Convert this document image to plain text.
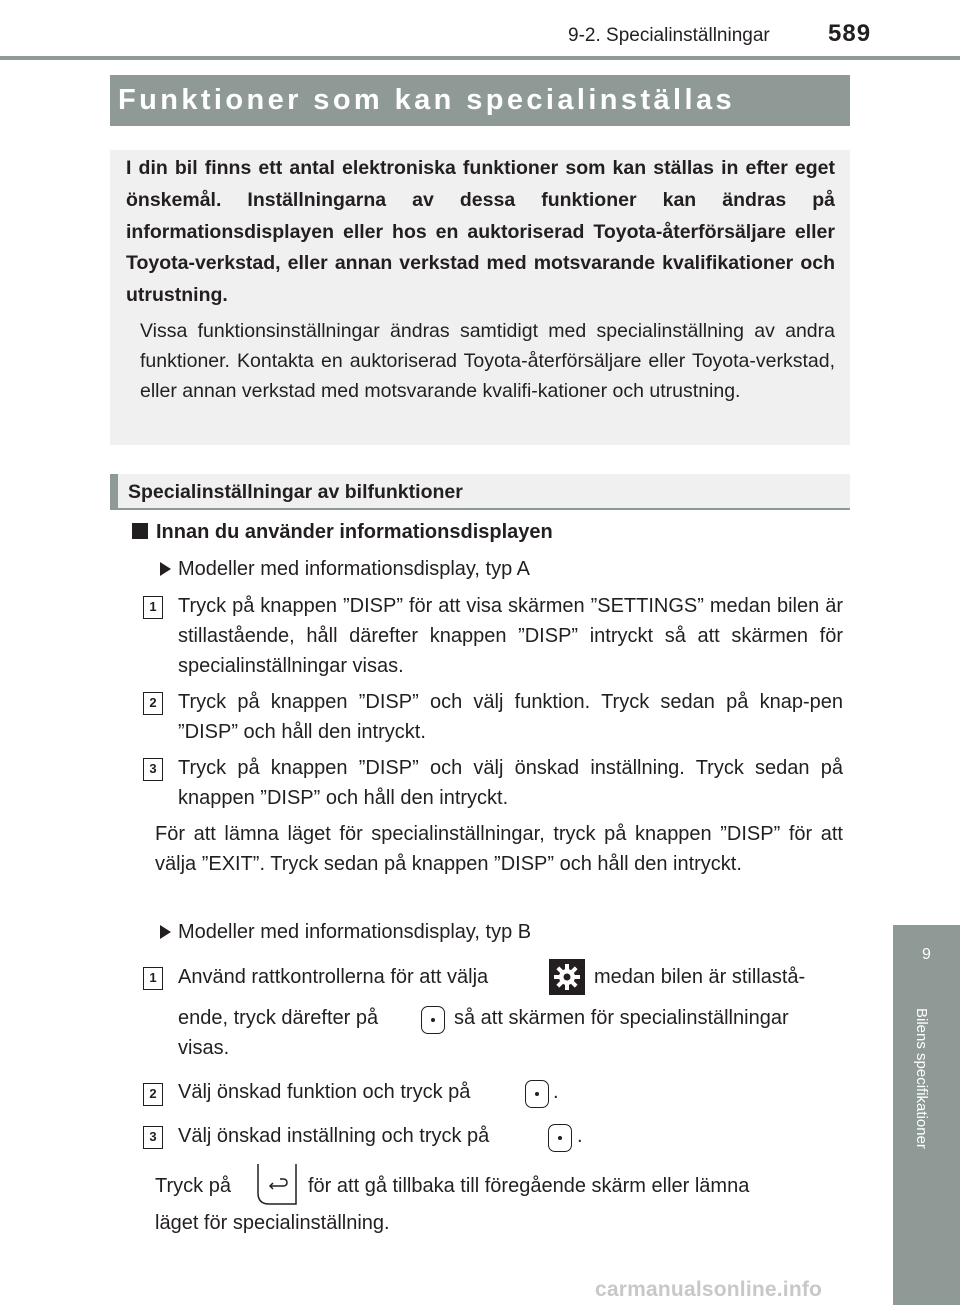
9-2. Specialinställningar 589
Funktioner som kan specialinställas
I din bil finns ett antal elektroniska funktioner som kan ställas in efter eget önskemål. Inställningarna av dessa funktioner kan ändras på informationsdisplayen eller hos en auktoriserad Toyota-återförsäljare eller Toyota-verkstad, eller annan verkstad med motsvarande kvalifikationer och utrustning.
Vissa funktionsinställningar ändras samtidigt med specialinställning av andra funktioner. Kontakta en auktoriserad Toyota-återförsäljare eller Toyota-verkstad, eller annan verkstad med motsvarande kvalifi-kationer och utrustning.
Specialinställningar av bilfunktioner
Innan du använder informationsdisplayen
Modeller med informationsdisplay, typ A
1	Tryck på knappen ”DISP” för att visa skärmen ”SETTINGS” medan bilen är stillastående, håll därefter knappen ”DISP” intryckt så att skärmen för specialinställningar visas.
2	Tryck på knappen ”DISP” och välj funktion. Tryck sedan på knap-pen ”DISP” och håll den intryckt.
3	Tryck på knappen ”DISP” och välj önskad inställning. Tryck sedan på knappen ”DISP” och håll den intryckt.
För att lämna läget för specialinställningar, tryck på knappen ”DISP” för att välja ”EXIT”. Tryck sedan på knappen ”DISP” och håll den intryckt.
Modeller med informationsdisplay, typ B
1	Använd rattkontrollerna för att välja	medan bilen är stillastå-
ende, tryck därefter på	så att skärmen för specialinställningar
visas.
2	Välj önskad funktion och tryck på	.
3	Välj önskad inställning och tryck på	.
Tryck på	för att gå tillbaka till föregående skärm eller lämna
läget för specialinställning.
9
Bilens specifikationer
carmanualsonline.info
